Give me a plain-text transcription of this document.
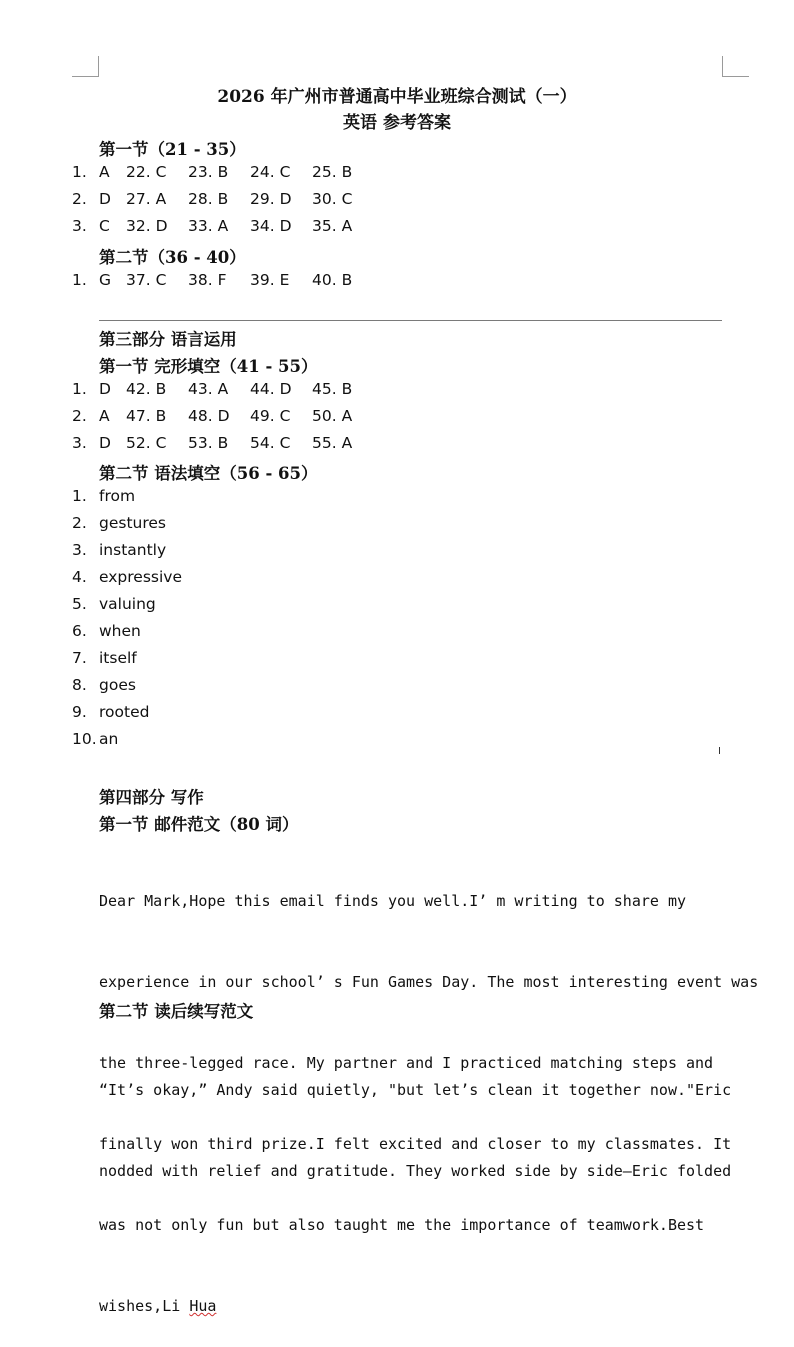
2026 年广州市普通高中毕业班综合测试（一）
英语 参考答案
第一节（21 - 35）
1. A 22. C 23. B 24. C 25. B
2. D 27. A 28. B 29. D 30. C
3. C 32. D 33. A 34. D 35. A
第二节（36 - 40）
1. G 37. C 38. F 39. E 40. B
第三部分 语言运用
第一节 完形填空（41 - 55）
1. D 42. B 43. A 44. D 45. B
2. A 47. B 48. D 49. C 50. A
3. D 52. C 53. B 54. C 55. A
第二节 语法填空（56 - 65）
1. from
2. gestures
3. instantly
4. expressive
5. valuing
6. when
7. itself
8. goes
9. rooted
10. an
第四部分 写作
第一节 邮件范文（80 词）

Dear Mark,Hope this email finds you well.I’ m writing to share my

experience in our school’ s Fun Games Day. The most interesting event was

the three-legged race. My partner and I practiced matching steps and

finally won third prize.I felt excited and closer to my classmates. It

was not only fun but also taught me the importance of teamwork.Best

wishes,Li Hua

第二节 读后续写范文

“It’s okay,” Andy said quietly, "but let’s clean it together now."Eric

nodded with relief and gratitude. They worked side by side—Eric folded
